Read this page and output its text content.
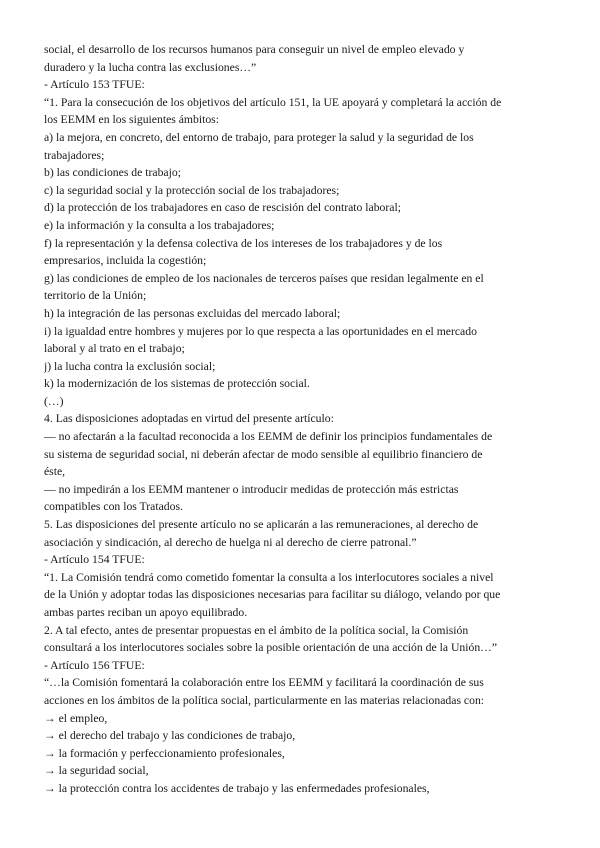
social, el desarrollo de los recursos humanos para conseguir un nivel de empleo elevado y
duradero y la lucha contra las exclusiones…”
- Artículo 153 TFUE:
“1. Para la consecución de los objetivos del artículo 151, la UE apoyará y completará la acción de
los EEMM en los siguientes ámbitos:
a) la mejora, en concreto, del entorno de trabajo, para proteger la salud y la seguridad de los
trabajadores;
b) las condiciones de trabajo;
c) la seguridad social y la protección social de los trabajadores;
d) la protección de los trabajadores en caso de rescisión del contrato laboral;
e) la información y la consulta a los trabajadores;
f) la representación y la defensa colectiva de los intereses de los trabajadores y de los
empresarios, incluida la cogestión;
g) las condiciones de empleo de los nacionales de terceros países que residan legalmente en el
territorio de la Unión;
h) la integración de las personas excluidas del mercado laboral;
i) la igualdad entre hombres y mujeres por lo que respecta a las oportunidades en el mercado
laboral y al trato en el trabajo;
j) la lucha contra la exclusión social;
k) la modernización de los sistemas de protección social.
(…)
4. Las disposiciones adoptadas en virtud del presente artículo:
— no afectarán a la facultad reconocida a los EEMM de definir los principios fundamentales de
su sistema de seguridad social, ni deberán afectar de modo sensible al equilibrio financiero de
éste,
— no impedirán a los EEMM mantener o introducir medidas de protección más estrictas
compatibles con los Tratados.
5. Las disposiciones del presente artículo no se aplicarán a las remuneraciones, al derecho de
asociación y sindicación, al derecho de huelga ni al derecho de cierre patronal.”
- Artículo 154 TFUE:
“1. La Comisión tendrá como cometido fomentar la consulta a los interlocutores sociales a nivel
de la Unión y adoptar todas las disposiciones necesarias para facilitar su diálogo, velando por que
ambas partes reciban un apoyo equilibrado.
2. A tal efecto, antes de presentar propuestas en el ámbito de la política social, la Comisión
consultará a los interlocutores sociales sobre la posible orientación de una acción de la Unión…”
- Artículo 156 TFUE:
“…la Comisión fomentará la colaboración entre los EEMM y facilitará la coordinación de sus
acciones en los ámbitos de la política social, particularmente en las materias relacionadas con:
→ el empleo,
→ el derecho del trabajo y las condiciones de trabajo,
→ la formación y perfeccionamiento profesionales,
→ la seguridad social,
→ la protección contra los accidentes de trabajo y las enfermedades profesionales,
